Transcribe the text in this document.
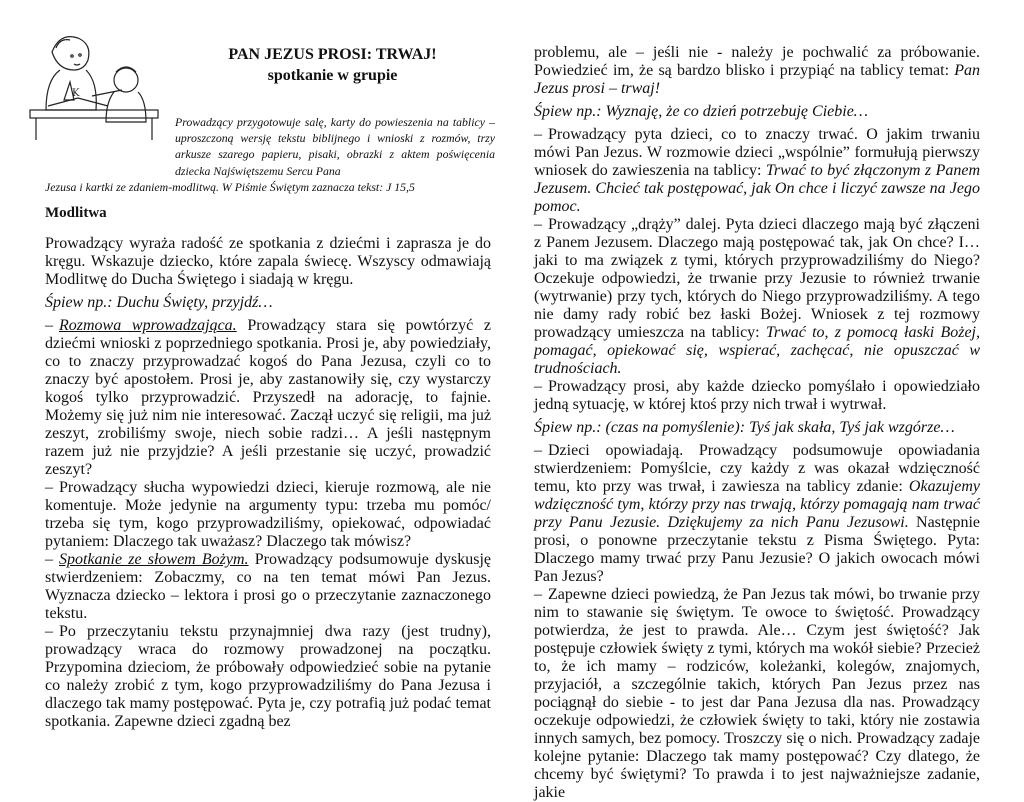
K
PAN JEZUS PROSI: TRWAJ!
spotkanie w grupie
Prowadzący przygotowuje salę, karty do powieszenia na tablicy – uproszczoną wersję tekstu biblijnego i wnioski z rozmów, trzy arkusze szarego papieru, pisaki, obrazki z aktem poświęcenia dziecka Najświętszemu Sercu Pana
Jezusa i kartki ze zdaniem-modlitwą. W Piśmie Świętym zaznacza tekst: J 15,5
Modlitwa

Prowadzący wyraża radość ze spotkania z dziećmi i zaprasza je do kręgu. Wskazuje dziecko, które zapala świecę. Wszyscy odmawiają Modlitwę do Ducha Świętego i siadają w kręgu.

Śpiew np.: Duchu Święty, przyjdź…

– Rozmowa wprowadzająca. Prowadzący stara się powtórzyć z dziećmi wnioski z poprzedniego spotkania. Prosi je, aby powiedziały, co to znaczy przyprowadzać kogoś do Pana Jezusa, czyli co to znaczy być apostołem. Prosi je, aby zastanowiły się, czy wystarczy kogoś tylko przyprowadzić. Przyszedł na adorację, to fajnie. Możemy się już nim nie interesować. Zaczął uczyć się religii, ma już zeszyt, zrobiliśmy swoje, niech sobie radzi… A jeśli następnym razem już nie przyjdzie? A jeśli przestanie się uczyć, prowadzić zeszyt?

– Prowadzący słucha wypowiedzi dzieci, kieruje rozmową, ale nie komentuje. Może jedynie na argumenty typu: trzeba mu pomóc/ trzeba się tym, kogo przyprowadziliśmy, opiekować, odpowiadać pytaniem: Dlaczego tak uważasz? Dlaczego tak mówisz?

– Spotkanie ze słowem Bożym. Prowadzący podsumowuje dyskusję stwierdzeniem: Zobaczmy, co na ten temat mówi Pan Jezus. Wyznacza dziecko – lektora i prosi go o przeczytanie zaznaczonego tekstu.

– Po przeczytaniu tekstu przynajmniej dwa razy (jest trudny), prowadzący wraca do rozmowy prowadzonej na początku. Przypomina dzieciom, że próbowały odpowiedzieć sobie na pytanie co należy zrobić z tym, kogo przyprowadziliśmy do Pana Jezusa i dlaczego tak mamy postępować. Pyta je, czy potrafią już podać temat spotkania. Zapewne dzieci zgadną bez

problemu, ale – jeśli nie - należy je pochwalić za próbowanie. Powiedzieć im, że są bardzo blisko i przypiąć na tablicy temat: Pan Jezus prosi – trwaj!

Śpiew np.: Wyznaję, że co dzień potrzebuję Ciebie…

– Prowadzący pyta dzieci, co to znaczy trwać. O jakim trwaniu mówi Pan Jezus. W rozmowie dzieci „wspólnie” formułują pierwszy wniosek do zawieszenia na tablicy: Trwać to być złączonym z Panem Jezusem. Chcieć tak postępować, jak On chce i liczyć zawsze na Jego pomoc.

– Prowadzący „drąży” dalej. Pyta dzieci dlaczego mają być złączeni z Panem Jezusem. Dlaczego mają postępować tak, jak On chce? I… jaki to ma związek z tymi, których przyprowadziliśmy do Niego? Oczekuje odpowiedzi, że trwanie przy Jezusie to również trwanie (wytrwanie) przy tych, których do Niego przyprowadziliśmy. A tego nie damy rady robić bez łaski Bożej. Wniosek z tej rozmowy prowadzący umieszcza na tablicy: Trwać to, z pomocą łaski Bożej, pomagać, opiekować się, wspierać, zachęcać, nie opuszczać w trudnościach.

– Prowadzący prosi, aby każde dziecko pomyślało i opowiedziało jedną sytuację, w której ktoś przy nich trwał i wytrwał.

Śpiew np.: (czas na pomyślenie): Tyś jak skała, Tyś jak wzgórze…

– Dzieci opowiadają. Prowadzący podsumowuje opowiadania stwierdzeniem: Pomyślcie, czy każdy z was okazał wdzięczność temu, kto przy was trwał, i zawiesza na tablicy zdanie: Okazujemy wdzięczność tym, którzy przy nas trwają, którzy pomagają nam trwać przy Panu Jezusie. Dziękujemy za nich Panu Jezusowi. Następnie prosi, o ponowne przeczytanie tekstu z Pisma Świętego. Pyta: Dlaczego mamy trwać przy Panu Jezusie? O jakich owocach mówi Pan Jezus?

– Zapewne dzieci powiedzą, że Pan Jezus tak mówi, bo trwanie przy nim to stawanie się świętym. Te owoce to świętość. Prowadzący potwierdza, że jest to prawda. Ale… Czym jest świętość? Jak postępuje człowiek święty z tymi, których ma wokół siebie? Przecież to, że ich mamy – rodziców, koleżanki, kolegów, znajomych, przyjaciół, a szczególnie takich, których Pan Jezus przez nas pociągnął do siebie - to jest dar Pana Jezusa dla nas. Prowadzący oczekuje odpowiedzi, że człowiek święty to taki, który nie zostawia innych samych, bez pomocy. Troszczy się o nich. Prowadzący zadaje kolejne pytanie: Dlaczego tak mamy postępować? Czy dlatego, że chcemy być świętymi? To prawda i to jest najważniejsze zadanie, jakie
